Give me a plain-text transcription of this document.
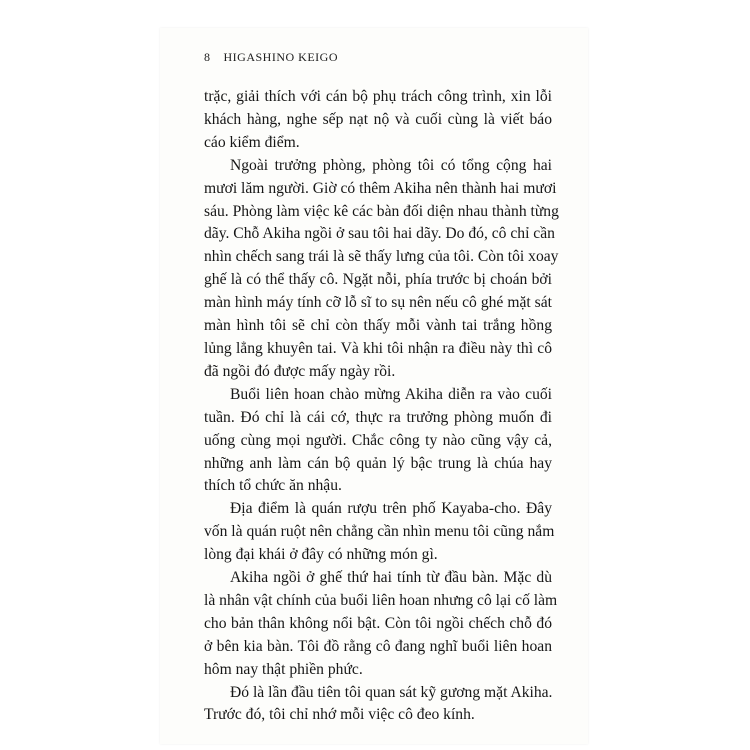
8 HIGASHINO KEIGO

trặc, giải thích với cán bộ phụ trách công trình, xin lỗi
khách hàng, nghe sếp nạt nộ và cuối cùng là viết báo
cáo kiểm điểm.

Ngoài trưởng phòng, phòng tôi có tổng cộng hai
mươi lăm người. Giờ có thêm Akiha nên thành hai mươi
sáu. Phòng làm việc kê các bàn đối diện nhau thành từng
dãy. Chỗ Akiha ngồi ở sau tôi hai dãy. Do đó, cô chỉ cần
nhìn chếch sang trái là sẽ thấy lưng của tôi. Còn tôi xoay
ghế là có thể thấy cô. Ngặt nỗi, phía trước bị choán bởi
màn hình máy tính cỡ lỗ sĩ to sụ nên nếu cô ghé mặt sát
màn hình tôi sẽ chỉ còn thấy mỗi vành tai trắng hồng
lủng lẳng khuyên tai. Và khi tôi nhận ra điều này thì cô
đã ngồi đó được mấy ngày rồi.

Buổi liên hoan chào mừng Akiha diễn ra vào cuối
tuần. Đó chỉ là cái cớ, thực ra trưởng phòng muốn đi
uống cùng mọi người. Chắc công ty nào cũng vậy cả,
những anh làm cán bộ quản lý bậc trung là chúa hay
thích tổ chức ăn nhậu.

Địa điểm là quán rượu trên phố Kayaba-cho. Đây
vốn là quán ruột nên chẳng cần nhìn menu tôi cũng nắm
lòng đại khái ở đây có những món gì.

Akiha ngồi ở ghế thứ hai tính từ đầu bàn. Mặc dù
là nhân vật chính của buổi liên hoan nhưng cô lại cố làm
cho bản thân không nổi bật. Còn tôi ngồi chếch chỗ đó
ở bên kia bàn. Tôi đồ rằng cô đang nghĩ buổi liên hoan
hôm nay thật phiền phức.

Đó là lần đầu tiên tôi quan sát kỹ gương mặt Akiha.
Trước đó, tôi chỉ nhớ mỗi việc cô đeo kính.
